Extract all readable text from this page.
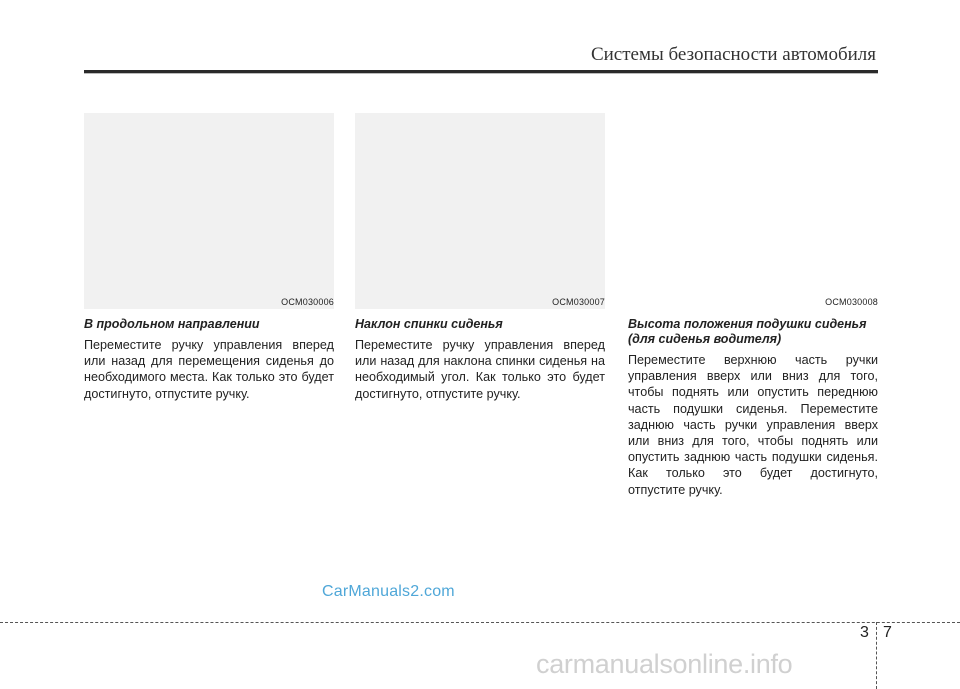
Системы безопасности автомобиля
OCM030006	OCM030007	OCM030008

В продольном направлении

Переместите ручку управления вперед или назад для перемещения сиденья до необходимого места. Как только это будет достигнуто, отпустите ручку.

Наклон спинки сиденья

Переместите ручку управления вперед или назад для наклона спинки сиденья на необходимый угол. Как только это будет достигнуто, отпустите ручку.

Высота положения подушки сиденья (для сиденья водителя)

Переместите верхнюю часть ручки управления вверх или вниз для того, чтобы поднять или опустить переднюю часть подушки сиденья. Переместите заднюю часть ручки управления вверх или вниз для того, чтобы поднять или опустить заднюю часть подушки сиденья. Как только это будет достигнуто, отпустите ручку.

CarManuals2.com
3 7
carmanualsonline.info
